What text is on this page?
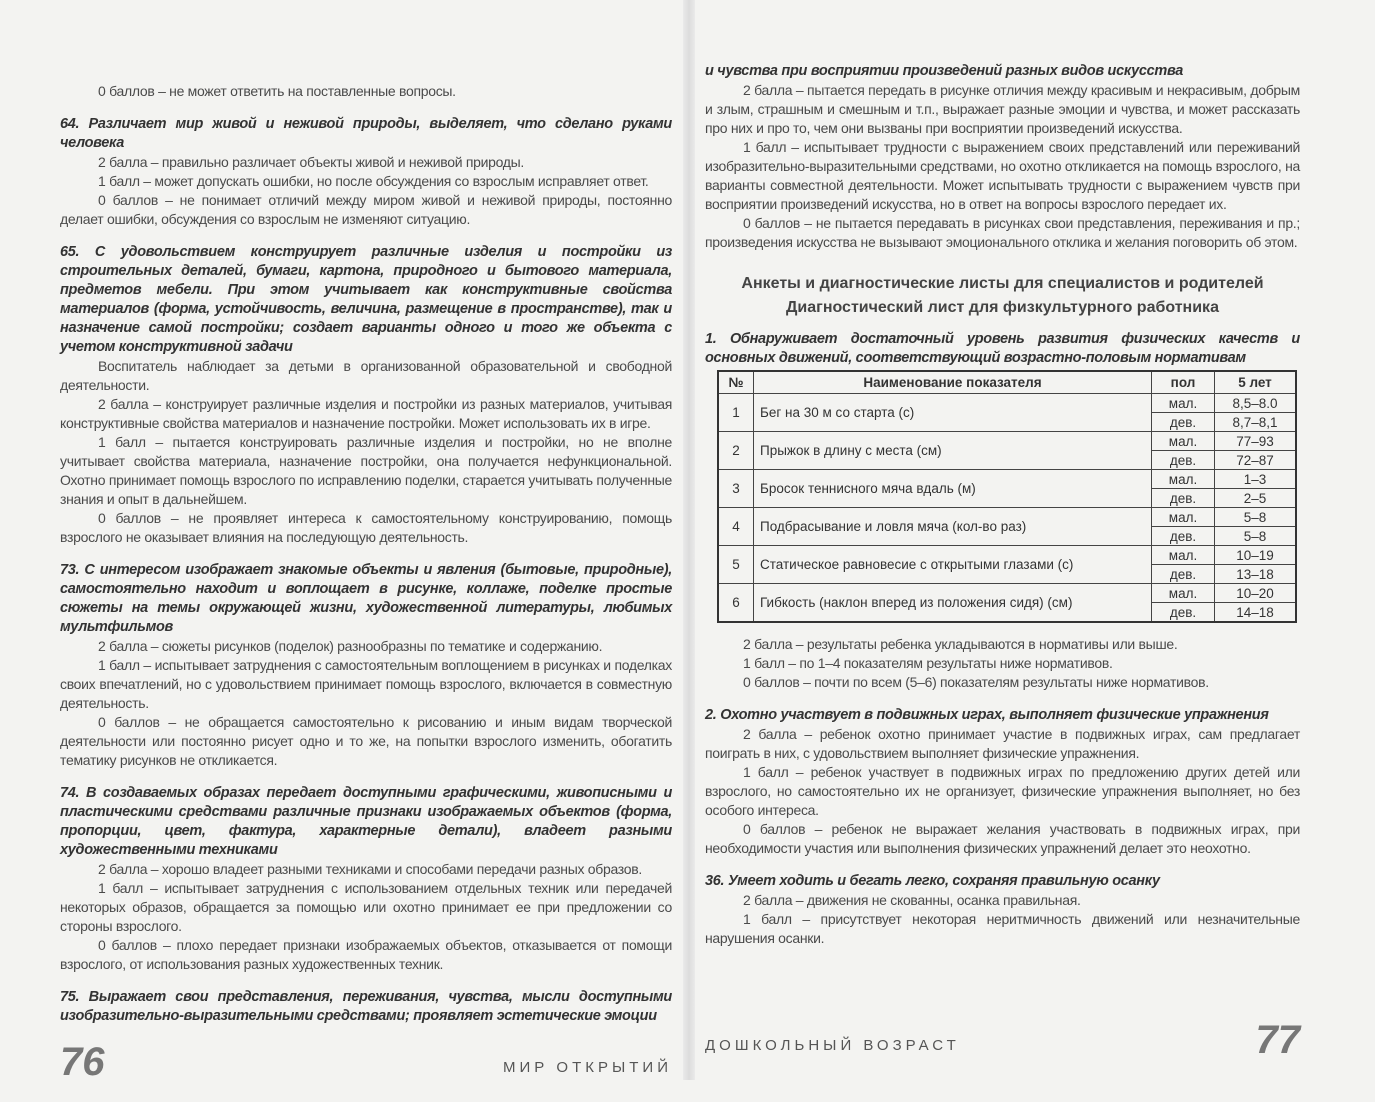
0 баллов – не может ответить на поставленные вопросы.
64. Различает мир живой и неживой природы, выделяет, что сделано руками человека
2 балла – правильно различает объекты живой и неживой природы.
1 балл – может допускать ошибки, но после обсуждения со взрослым исправляет ответ.
0 баллов – не понимает отличий между миром живой и неживой природы, постоянно делает ошибки, обсуждения со взрослым не изменяют ситуацию.
65. С удовольствием конструирует различные изделия и постройки из строительных деталей, бумаги, картона, природного и бытового материала, предметов мебели. При этом учитывает как конструктивные свойства материалов (форма, устойчивость, величина, размещение в пространстве), так и назначение самой постройки; создает варианты одного и того же объекта с учетом конструктивной задачи
Воспитатель наблюдает за детьми в организованной образовательной и свободной деятельности.
2 балла – конструирует различные изделия и постройки из разных материалов, учитывая конструктивные свойства материалов и назначение постройки. Может использовать их в игре.
1 балл – пытается конструировать различные изделия и постройки, но не вполне учитывает свойства материала, назначение постройки, она получается нефункциональной. Охотно принимает помощь взрослого по исправлению поделки, старается учитывать полученные знания и опыт в дальнейшем.
0 баллов – не проявляет интереса к самостоятельному конструированию, помощь взрослого не оказывает влияния на последующую деятельность.
73. С интересом изображает знакомые объекты и явления (бытовые, природные), самостоятельно находит и воплощает в рисунке, коллаже, поделке простые сюжеты на темы окружающей жизни, художественной литературы, любимых мультфильмов
2 балла – сюжеты рисунков (поделок) разнообразны по тематике и содержанию.
1 балл – испытывает затруднения с самостоятельным воплощением в рисунках и поделках своих впечатлений, но с удовольствием принимает помощь взрослого, включается в совместную деятельность.
0 баллов – не обращается самостоятельно к рисованию и иным видам творческой деятельности или постоянно рисует одно и то же, на попытки взрослого изменить, обогатить тематику рисунков не откликается.
74. В создаваемых образах передает доступными графическими, живописными и пластическими средствами различные признаки изображаемых объектов (форма, пропорции, цвет, фактура, характерные детали), владеет разными художественными техниками
2 балла – хорошо владеет разными техниками и способами передачи разных образов.
1 балл – испытывает затруднения с использованием отдельных техник или передачей некоторых образов, обращается за помощью или охотно принимает ее при предложении со стороны взрослого.
0 баллов – плохо передает признаки изображаемых объектов, отказывается от помощи взрослого, от использования разных художественных техник.
75. Выражает свои представления, переживания, чувства, мысли доступными изобразительно-выразительными средствами; проявляет эстетические эмоции
76	МИР ОТКРЫТИЙ
и чувства при восприятии произведений разных видов искусства
2 балла – пытается передать в рисунке отличия между красивым и некрасивым, добрым и злым, страшным и смешным и т.п., выражает разные эмоции и чувства, и может рассказать про них и про то, чем они вызваны при восприятии произведений искусства.
1 балл – испытывает трудности с выражением своих представлений или переживаний изобразительно-выразительными средствами, но охотно откликается на помощь взрослого, на варианты совместной деятельности. Может испытывать трудности с выражением чувств при восприятии произведений искусства, но в ответ на вопросы взрослого передает их.
0 баллов – не пытается передавать в рисунках свои представления, переживания и пр.; произведения искусства не вызывают эмоционального отклика и желания поговорить об этом.
Анкеты и диагностические листы для специалистов и родителей
Диагностический лист для физкультурного работника
1. Обнаруживает достаточный уровень развития физических качеств и основных движений, соответствующий возрастно-половым нормативам
№	Наименование показателя	пол	5 лет
1	Бег на 30 м со старта (с)	мал.	8,5–8.0
		дев.	8,7–8,1
2	Прыжок в длину с места (см)	мал.	77–93
		дев.	72–87
3	Бросок теннисного мяча вдаль (м)	мал.	1–3
		дев.	2–5
4	Подбрасывание и ловля мяча (кол-во раз)	мал.	5–8
		дев.	5–8
5	Статическое равновесие с открытыми глазами (с)	мал.	10–19
		дев.	13–18
6	Гибкость (наклон вперед из положения сидя) (см)	мал.	10–20
		дев.	14–18
2 балла – результаты ребенка укладываются в нормативы или выше.
1 балл – по 1–4 показателям результаты ниже нормативов.
0 баллов – почти по всем (5–6) показателям результаты ниже нормативов.
2. Охотно участвует в подвижных играх, выполняет физические упражнения
2 балла – ребенок охотно принимает участие в подвижных играх, сам предлагает поиграть в них, с удовольствием выполняет физические упражнения.
1 балл – ребенок участвует в подвижных играх по предложению других детей или взрослого, но самостоятельно их не организует, физические упражнения выполняет, но без особого интереса.
0 баллов – ребенок не выражает желания участвовать в подвижных играх, при необходимости участия или выполнения физических упражнений делает это неохотно.
36. Умеет ходить и бегать легко, сохраняя правильную осанку
2 балла – движения не скованны, осанка правильная.
1 балл – присутствует некоторая неритмичность движений или незначительные нарушения осанки.
ДОШКОЛЬНЫЙ ВОЗРАСТ	77
